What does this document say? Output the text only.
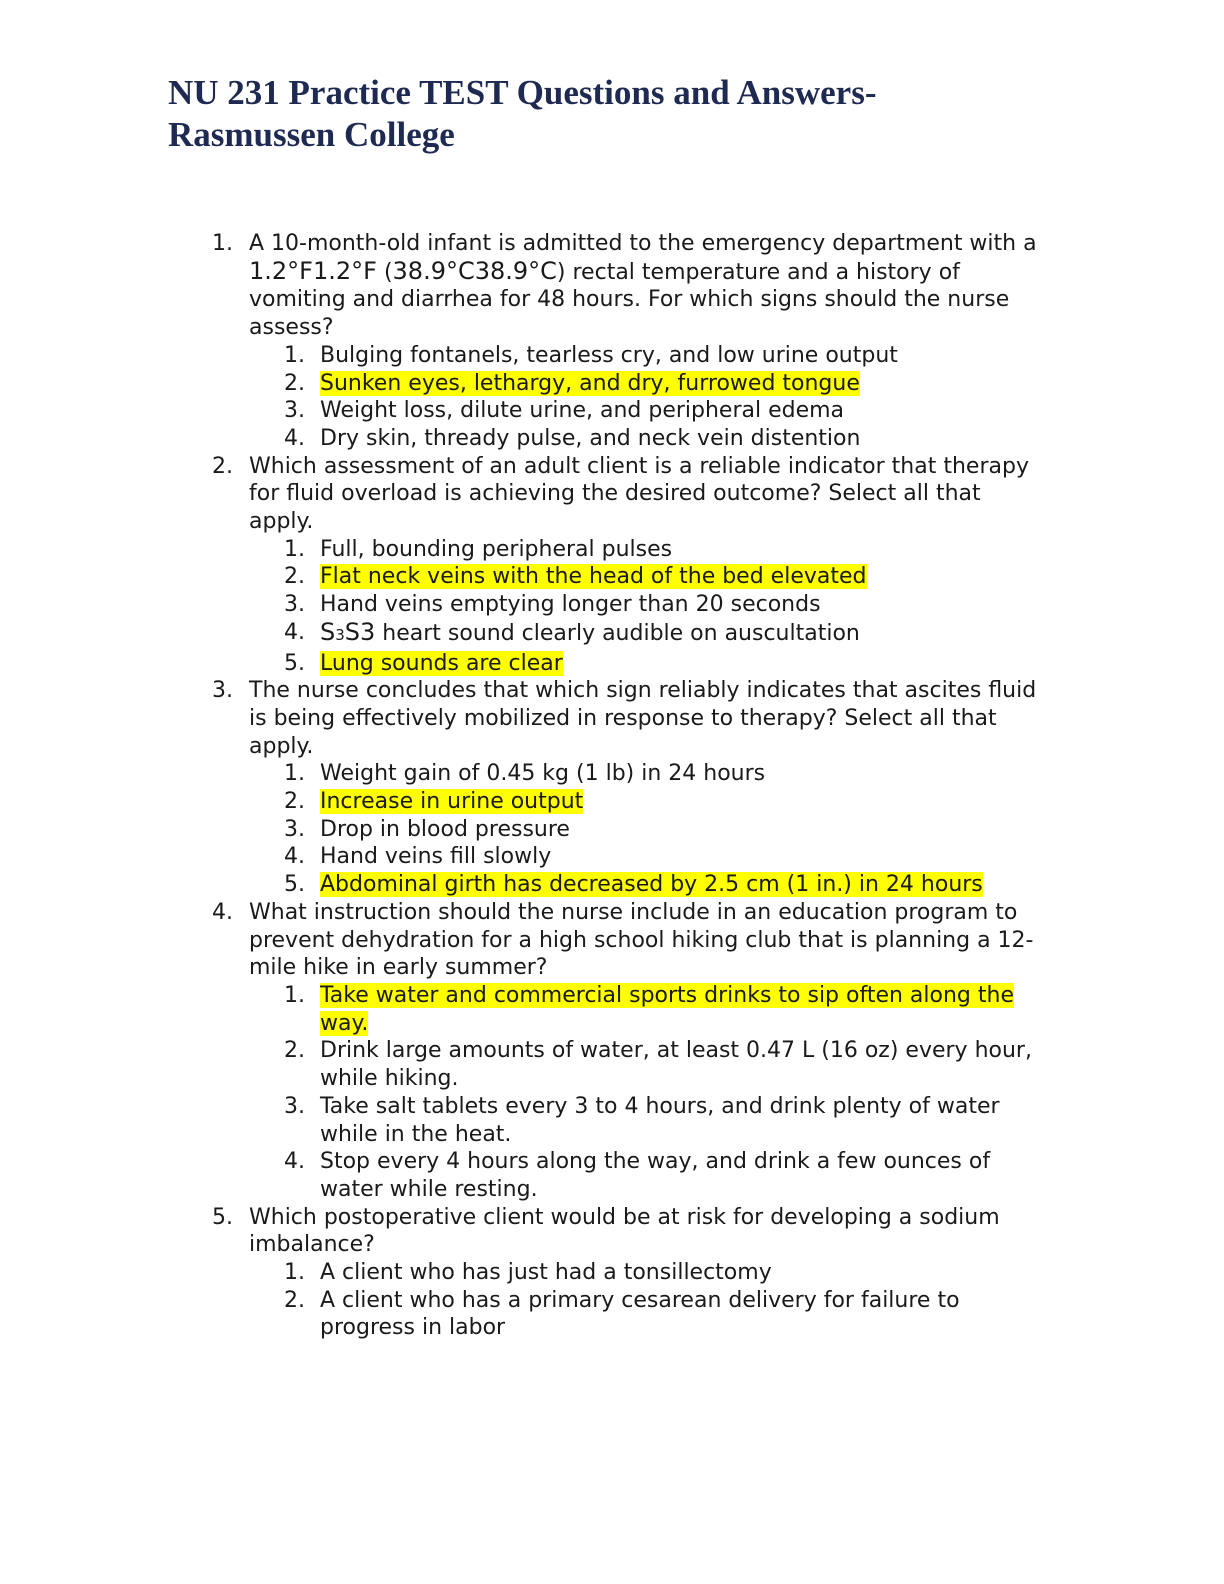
NU 231 Practice TEST Questions and Answers-
Rasmussen College
1. A 10-month-old infant is admitted to the emergency department with a 1.2°F1.2°F (38.9°C38.9°C) rectal temperature and a history of vomiting and diarrhea for 48 hours. For which signs should the nurse assess?
1. Bulging fontanels, tearless cry, and low urine output
2. Sunken eyes, lethargy, and dry, furrowed tongue
3. Weight loss, dilute urine, and peripheral edema
4. Dry skin, thready pulse, and neck vein distention
2. Which assessment of an adult client is a reliable indicator that therapy for fluid overload is achieving the desired outcome? Select all that apply.
1. Full, bounding peripheral pulses
2. Flat neck veins with the head of the bed elevated
3. Hand veins emptying longer than 20 seconds
4. S3S3 heart sound clearly audible on auscultation
5. Lung sounds are clear
3. The nurse concludes that which sign reliably indicates that ascites fluid is being effectively mobilized in response to therapy? Select all that apply.
1. Weight gain of 0.45 kg (1 lb) in 24 hours
2. Increase in urine output
3. Drop in blood pressure
4. Hand veins fill slowly
5. Abdominal girth has decreased by 2.5 cm (1 in.) in 24 hours
4. What instruction should the nurse include in an education program to prevent dehydration for a high school hiking club that is planning a 12-mile hike in early summer?
1. Take water and commercial sports drinks to sip often along the way.
2. Drink large amounts of water, at least 0.47 L (16 oz) every hour, while hiking.
3. Take salt tablets every 3 to 4 hours, and drink plenty of water while in the heat.
4. Stop every 4 hours along the way, and drink a few ounces of water while resting.
5. Which postoperative client would be at risk for developing a sodium imbalance?
1. A client who has just had a tonsillectomy
2. A client who has a primary cesarean delivery for failure to progress in labor
